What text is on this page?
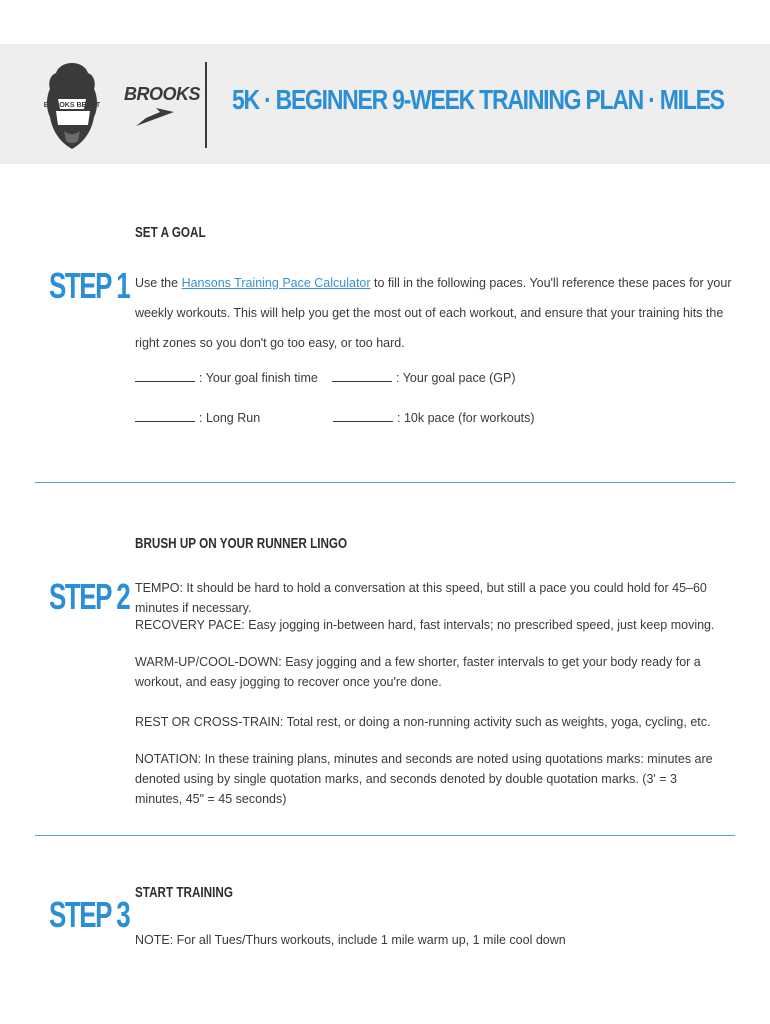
BROOKS BEAST
BROOKS 5K · BEGINNER 9-WEEK TRAINING PLAN · MILES
SET A GOAL
STEP 1 Use the Hansons Training Pace Calculator to fill in the following paces. You'll reference these paces for your weekly workouts. This will help you get the most out of each workout, and ensure that your training hits the right zones so you don't go too easy, or too hard.
: Your goal finish time	: Your goal pace (GP)
: Long Run	: 10k pace (for workouts)
BRUSH UP ON YOUR RUNNER LINGO
STEP 2 TEMPO: It should be hard to hold a conversation at this speed, but still a pace you could hold for 45–60 minutes if necessary.
RECOVERY PACE: Easy jogging in-between hard, fast intervals; no prescribed speed, just keep moving.
WARM-UP/COOL-DOWN: Easy jogging and a few shorter, faster intervals to get your body ready for a workout, and easy jogging to recover once you're done.
REST OR CROSS-TRAIN: Total rest, or doing a non-running activity such as weights, yoga, cycling, etc.
NOTATION: In these training plans, minutes and seconds are noted using quotations marks: minutes are denoted using by single quotation marks, and seconds denoted by double quotation marks. (3' = 3 minutes, 45" = 45 seconds)
START TRAINING
STEP 3
NOTE: For all Tues/Thurs workouts, include 1 mile warm up, 1 mile cool down
